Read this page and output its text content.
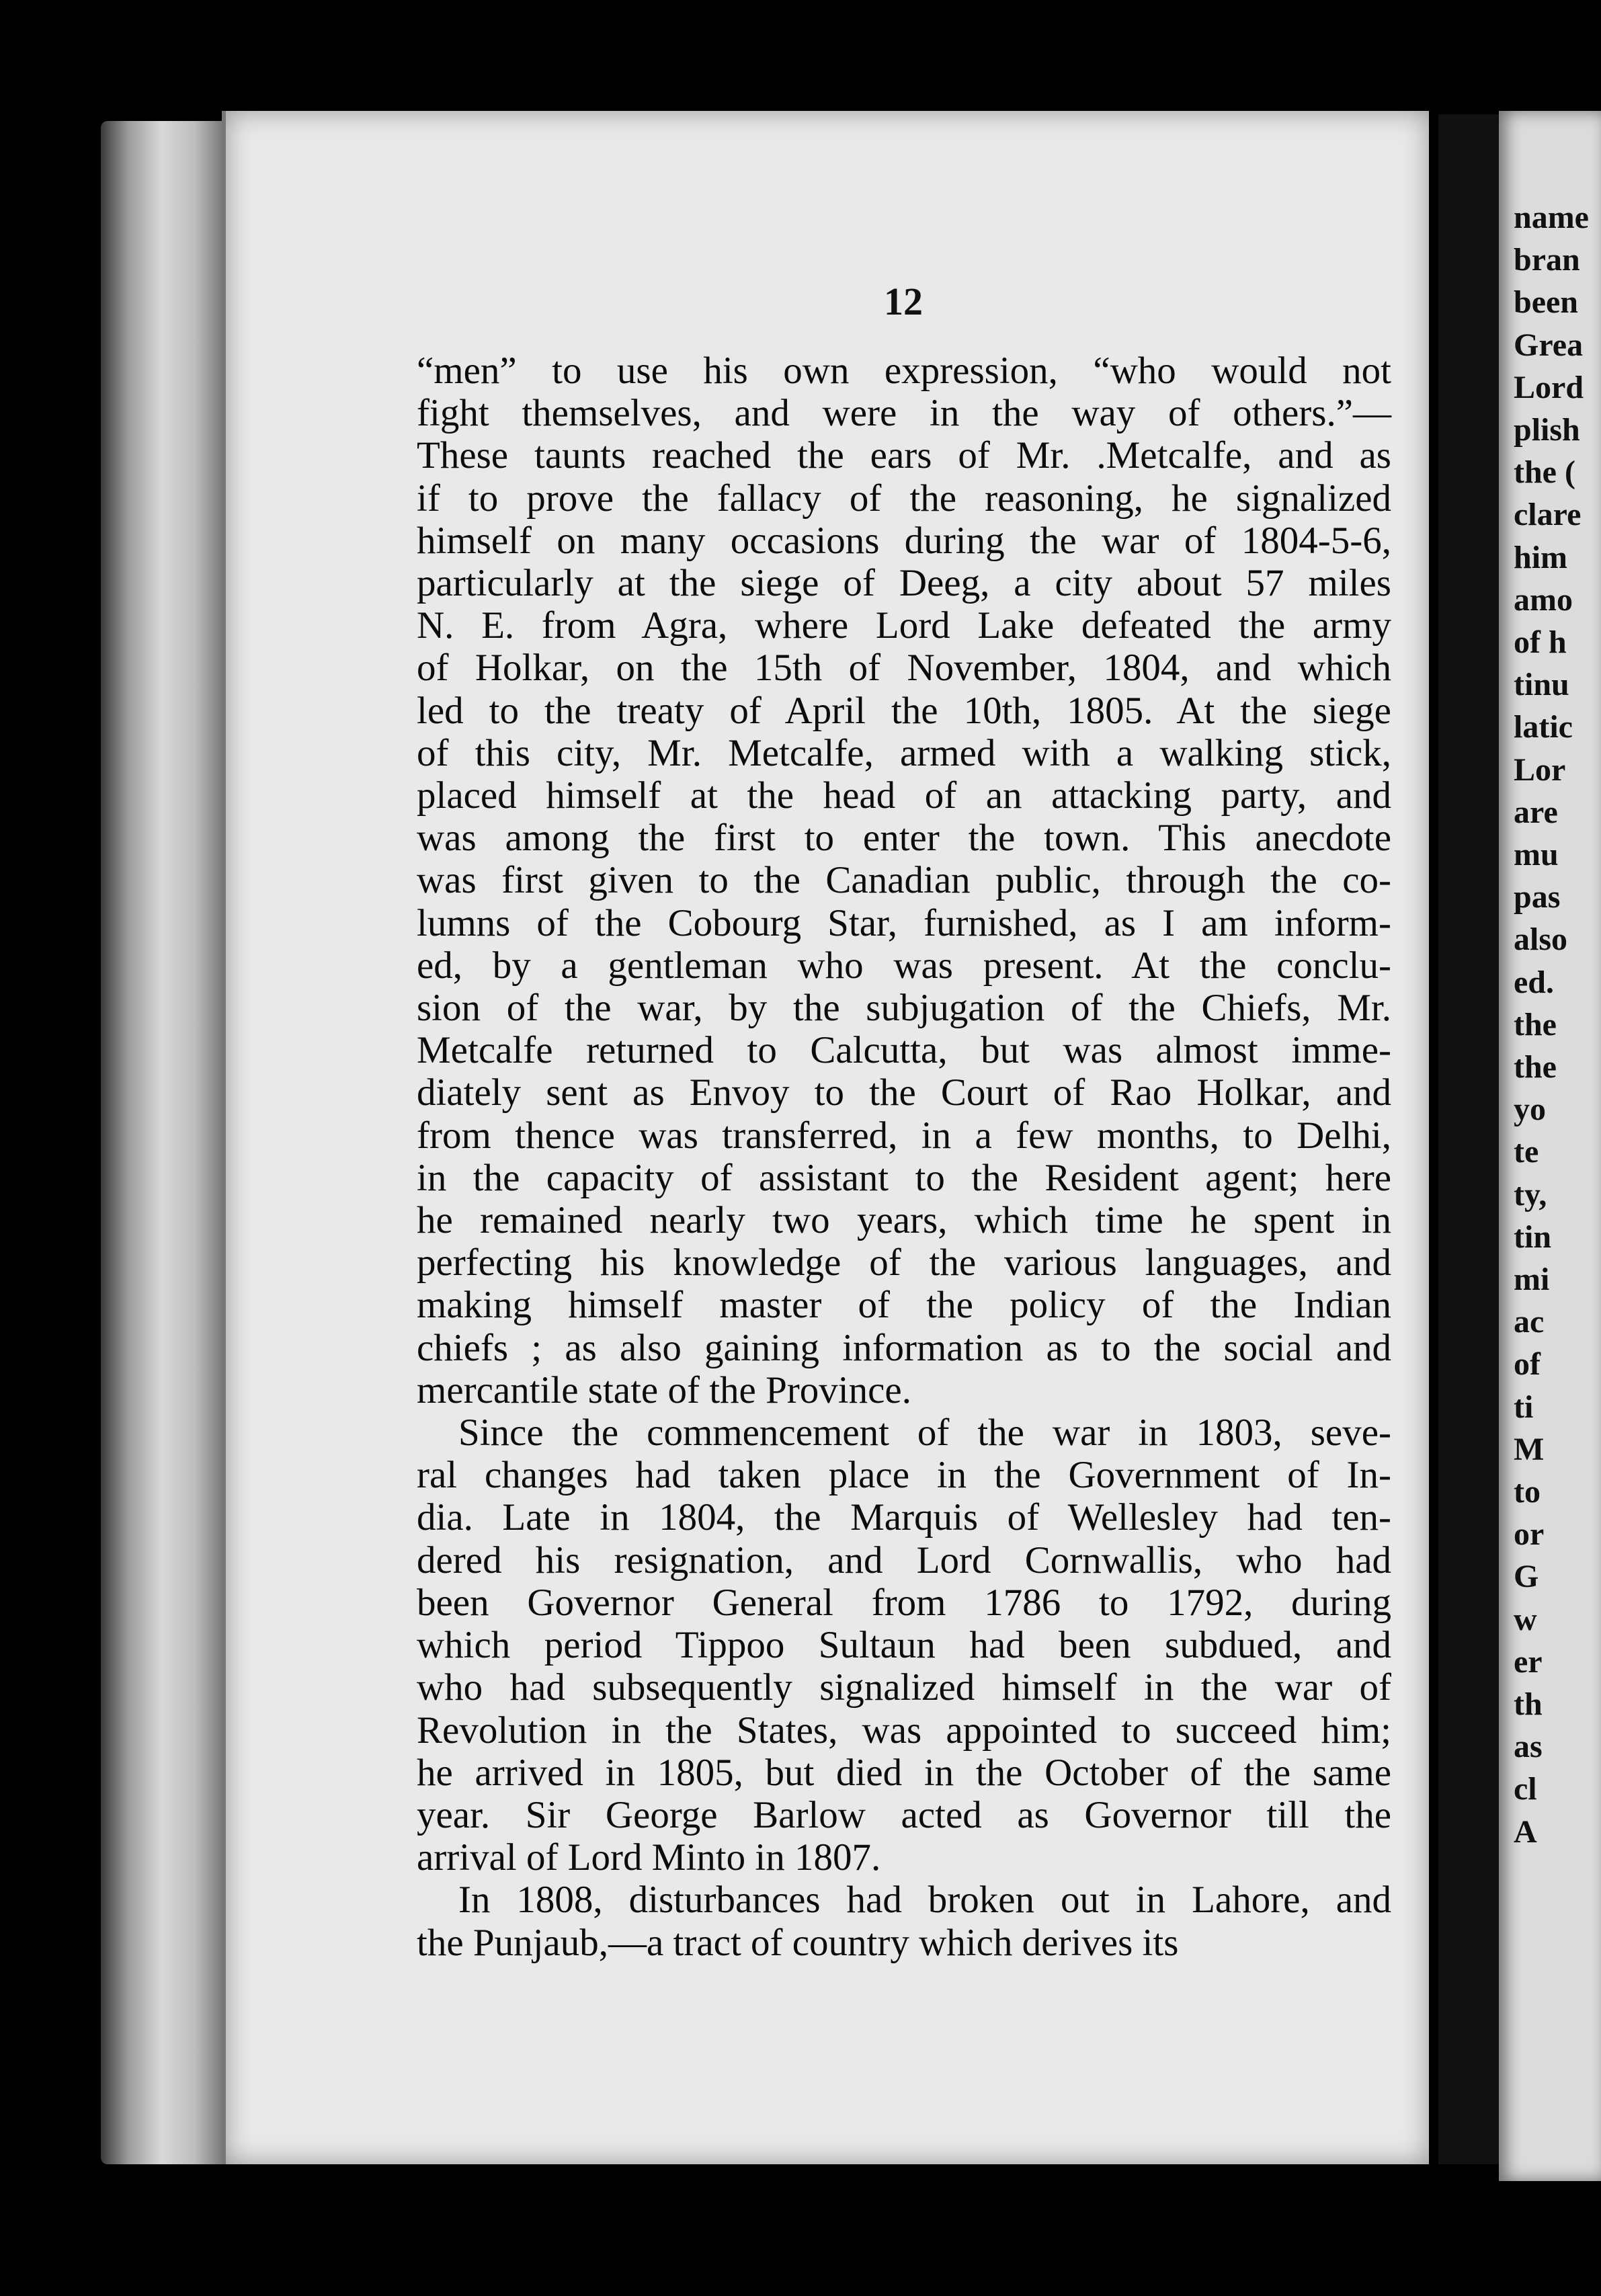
name
bran
been
Grea
Lord
plish
the (
clare
him
amo
of h
tinu
latic
Lor
are
mu
pas
also
ed.
the
the
yo
te
ty,
tin
mi
ac
of
ti
M
to
or
G
w
er
th
as
cl
A
12

“men” to use his own expression, “who would not
fight themselves, and were in the way of others.”—
These taunts reached the ears of Mr. .Metcalfe, and as
if to prove the fallacy of the reasoning, he signalized
himself on many occasions during the war of 1804-5-6,
particularly at the siege of Deeg, a city about 57 miles
N. E. from Agra, where Lord Lake defeated the army
of Holkar, on the 15th of November, 1804, and which
led to the treaty of April the 10th, 1805. At the siege
of this city, Mr. Metcalfe, armed with a walking stick,
placed himself at the head of an attacking party, and
was among the first to enter the town. This anecdote
was first given to the Canadian public, through the co-
lumns of the Cobourg Star, furnished, as I am inform-
ed, by a gentleman who was present. At the conclu-
sion of the war, by the subjugation of the Chiefs, Mr.
Metcalfe returned to Calcutta, but was almost imme-
diately sent as Envoy to the Court of Rao Holkar, and
from thence was transferred, in a few months, to Delhi,
in the capacity of assistant to the Resident agent; here
he remained nearly two years, which time he spent in
perfecting his knowledge of the various languages, and
making himself master of the policy of the Indian
chiefs ; as also gaining information as to the social and
mercantile state of the Province.

Since the commencement of the war in 1803, seve-
ral changes had taken place in the Government of In-
dia. Late in 1804, the Marquis of Wellesley had ten-
dered his resignation, and Lord Cornwallis, who had
been Governor General from 1786 to 1792, during
which period Tippoo Sultaun had been subdued, and
who had subsequently signalized himself in the war of
Revolution in the States, was appointed to succeed him;
he arrived in 1805, but died in the October of the same
year. Sir George Barlow acted as Governor till the
arrival of Lord Minto in 1807.

In 1808, disturbances had broken out in Lahore, and
the Punjaub,—a tract of country which derives its
